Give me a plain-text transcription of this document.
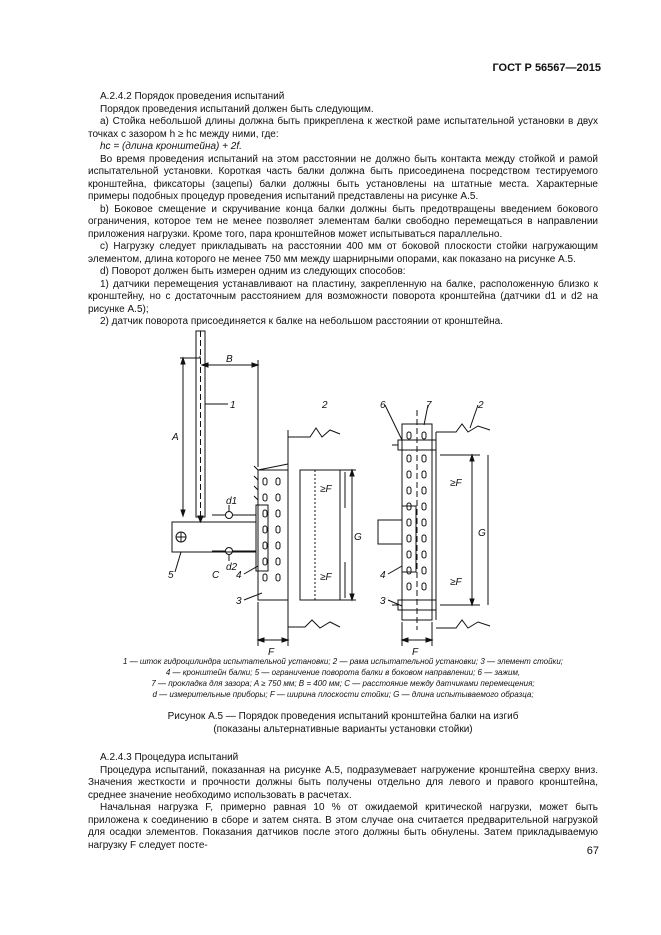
ГОСТ Р 56567—2015

А.2.4.2 Порядок проведения испытаний

Порядок проведения испытаний должен быть следующим.

а) Стойка небольшой длины должна быть прикреплена к жесткой раме испытательной установки в двух точках с зазором h ≥ hc между ними, где:

hc = (длина кронштейна) + 2f.

Во время проведения испытаний на этом расстоянии не должно быть контакта между стойкой и рамой испытательной установки. Короткая часть балки должна быть присоединена посредством тестируемого кронштейна, фиксаторы (зацепы) балки должны быть установлены на штатные места. Характерные примеры подобных процедур проведения испытаний представлены на рисунке А.5.

b) Боковое смещение и скручивание конца балки должны быть предотвращены введением бокового ограничения, которое тем не менее позволяет элементам балки свободно перемещаться в направлении приложения нагрузки. Кроме того, пара кронштейнов может испытываться параллельно.

c) Нагрузку следует прикладывать на расстоянии 400 мм от боковой плоскости стойки нагружающим элементом, длина которого не менее 750 мм между шарнирными опорами, как показано на рисунке А.5.

d) Поворот должен быть измерен одним из следующих способов:

1) датчики перемещения устанавливают на пластину, закрепленную на балке, расположенную близко к кронштейну, но с достаточным расстоянием для возможности поворота кронштейна (датчики d1 и d2 на рисунке А.5);

2) датчик поворота присоединяется к балке на небольшом расстоянии от кронштейна.

1	2
3
4
5
A
B
C
G
F
d1
d2
≥F
≥F
6	7	2
4
3
≥F
G
≥F
F
1 — шток гидроцилиндра испытательной установки; 2 — рама испытательной установки; 3 — элемент стойки;
4 — кронштейн балки; 5 — ограничение поворота балки в боковом направлении; 6 — зажим,
7 — прокладка для зазора; A ≥ 750 мм; B = 400 мм; C — расстояние между датчиками перемещения;
d — измерительные приборы; F — ширина плоскости стойки; G — длина испытываемого образца;
Рисунок А.5 — Порядок проведения испытаний кронштейна балки на изгиб
(показаны альтернативные варианты установки стойки)

А.2.4.3 Процедура испытаний

Процедура испытаний, показанная на рисунке А.5, подразумевает нагружение кронштейна сверху вниз. Значения жесткости и прочности должны быть получены отдельно для левого и правого кронштейна, среднее значение необходимо использовать в расчетах.

Начальная нагрузка F, примерно равная 10 % от ожидаемой критической нагрузки, может быть приложена к соединению в сборе и затем снята. В этом случае она считается предварительной нагрузкой для осадки элементов. Показания датчиков после этого должны быть обнулены. Затем прикладываемую нагрузку F следует посте-	67
